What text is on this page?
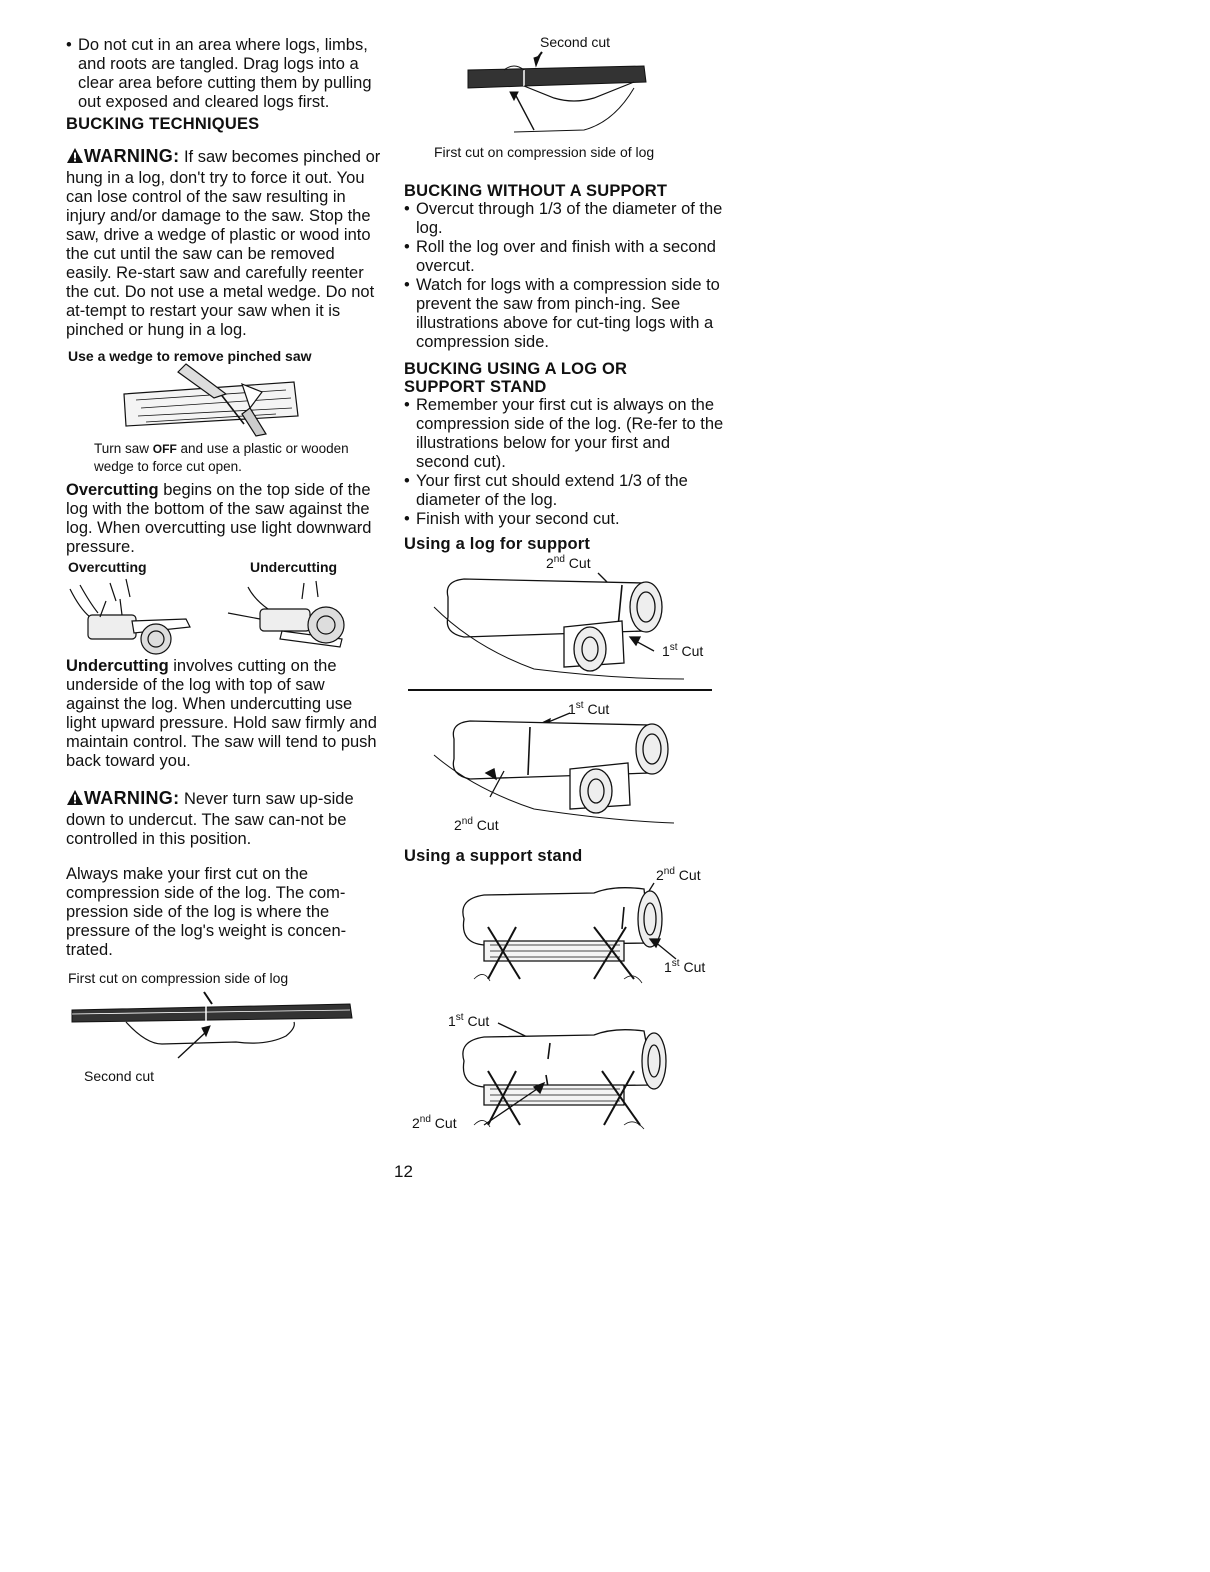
• Do not cut in an area where logs, limbs, and roots are tangled. Drag logs into a clear area before cutting them by pulling out exposed and cleared logs first.

BUCKING TECHNIQUES

WARNING: If saw becomes pinched or hung in a log, don't try to force it out. You can lose control of the saw resulting in injury and/or damage to the saw. Stop the saw, drive a wedge of plastic or wood into the cut until the saw can be removed easily. Re-start saw and carefully reenter the cut. Do not use a metal wedge. Do not at-tempt to restart your saw when it is pinched or hung in a log.

Use a wedge to remove pinched saw
Turn saw OFF and use a plastic or wooden wedge to force cut open.

Overcutting begins on the top side of the log with the bottom of the saw against the log. When overcutting use light downward pressure.

Overcutting	Undercutting

Undercutting involves cutting on the underside of the log with top of saw against the log. When undercutting use light upward pressure. Hold saw firmly and maintain control. The saw will tend to push back toward you.

WARNING: Never turn saw up-side down to undercut. The saw can-not be controlled in this position.

Always make your first cut on the compression side of the log. The com-pression side of the log is where the pressure of the log's weight is concen-trated.

First cut on compression side of log
Second cut
Second cut
First cut on compression side of log

BUCKING WITHOUT A SUPPORT

• Overcut through 1/3 of the diameter of the log.

• Roll the log over and finish with a second overcut.

• Watch for logs with a compression side to prevent the saw from pinch-ing. See illustrations above for cut-ting logs with a compression side.

BUCKING USING A LOG OR

SUPPORT STAND

• Remember your first cut is always on the compression side of the log. (Re-fer to the illustrations below for your first and second cut).

• Your first cut should extend 1/3 of the diameter of the log.

• Finish with your second cut.

Using a log for support

2nd Cut
1st Cut
1st Cut
2nd Cut

Using a support stand

2nd Cut
1st Cut
1st Cut
2nd Cut
12
